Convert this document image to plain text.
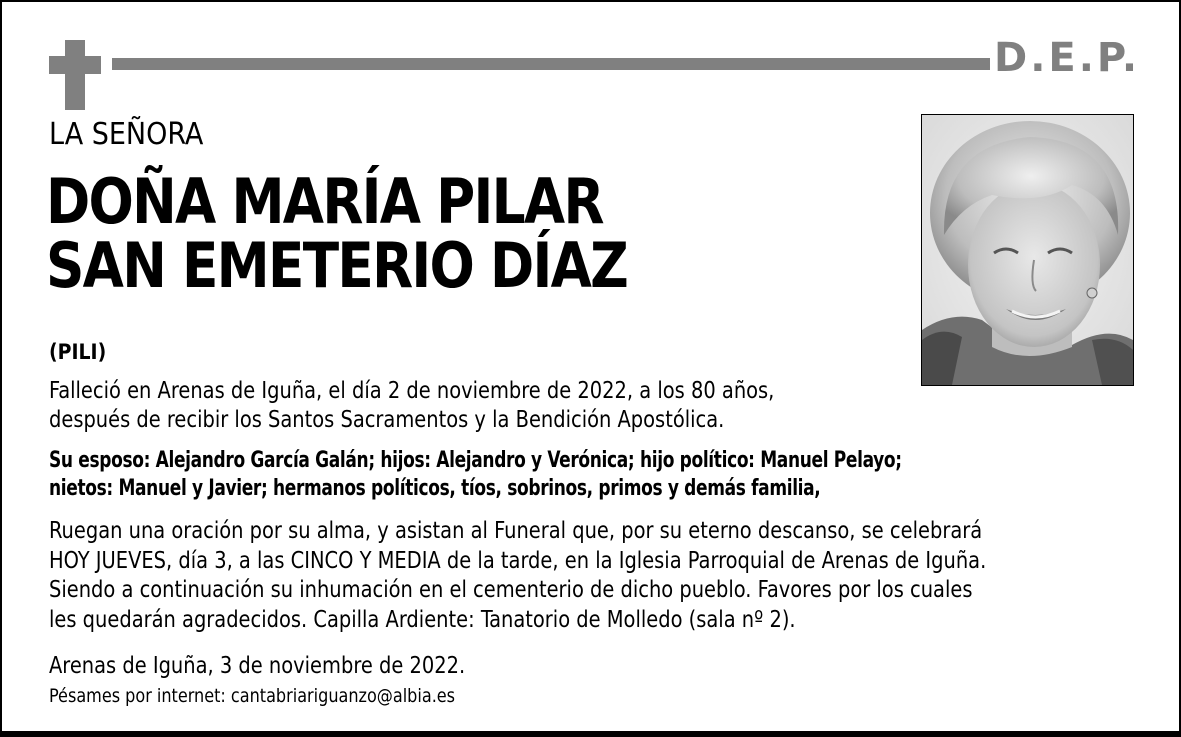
D.E.P.
LA SEÑORA
DOÑA MARÍA PILAR
SAN EMETERIO DÍAZ
(PILI)
Falleció en Arenas de Iguña, el día 2 de noviembre de 2022, a los 80 años,
después de recibir los Santos Sacramentos y la Bendición Apostólica.
Su esposo: Alejandro García Galán; hijos: Alejandro y Verónica; hijo político: Manuel Pelayo;
nietos: Manuel y Javier; hermanos políticos, tíos, sobrinos, primos y demás familia,
Ruegan una oración por su alma, y asistan al Funeral que, por su eterno descanso, se celebrará
HOY JUEVES, día 3, a las CINCO Y MEDIA de la tarde, en la Iglesia Parroquial de Arenas de Iguña.
Siendo a continuación su inhumación en el cementerio de dicho pueblo. Favores por los cuales
les quedarán agradecidos. Capilla Ardiente: Tanatorio de Molledo (sala nº 2).
Arenas de Iguña, 3 de noviembre de 2022.
Pésames por internet: cantabriariguanzo@albia.es
